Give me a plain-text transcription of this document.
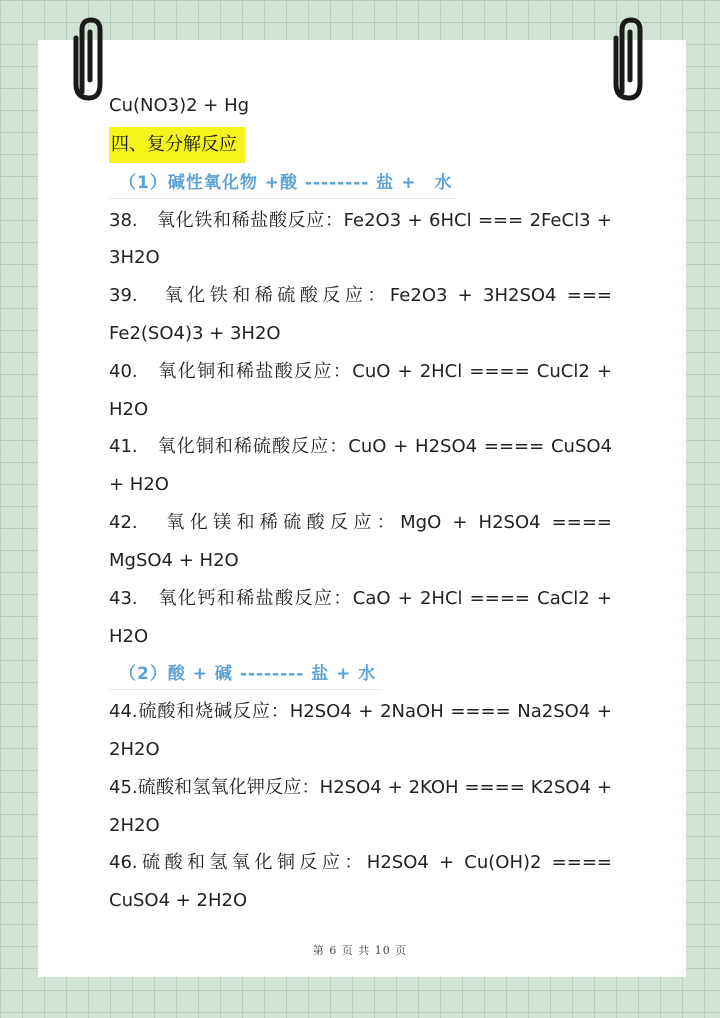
Cu(NO3)2 + Hg
四、复分解反应
（1）碱性氧化物 +酸 -------- 盐 +　水
38.　氧化铁和稀盐酸反应：Fe2O3 + 6HCl === 2FeCl3 +
3H2O
39.　氧化铁和稀硫酸反应：Fe2O3 + 3H2SO4 ===
Fe2(SO4)3 + 3H2O
40.　氧化铜和稀盐酸反应：CuO + 2HCl ==== CuCl2 +
H2O
41.　氧化铜和稀硫酸反应：CuO + H2SO4 ==== CuSO4
+ H2O
42.　氧化镁和稀硫酸反应：MgO + H2SO4 ====
MgSO4 + H2O
43.　氧化钙和稀盐酸反应：CaO + 2HCl ==== CaCl2 +
H2O
（2）酸 + 碱 -------- 盐 + 水
44.硫酸和烧碱反应：H2SO4 + 2NaOH ==== Na2SO4 +
2H2O
45.硫酸和氢氧化钾反应：H2SO4 + 2KOH ==== K2SO4 +
2H2O
46.硫酸和氢氧化铜反应：H2SO4 + Cu(OH)2 ====
CuSO4 + 2H2O
第 6 页 共 10 页
